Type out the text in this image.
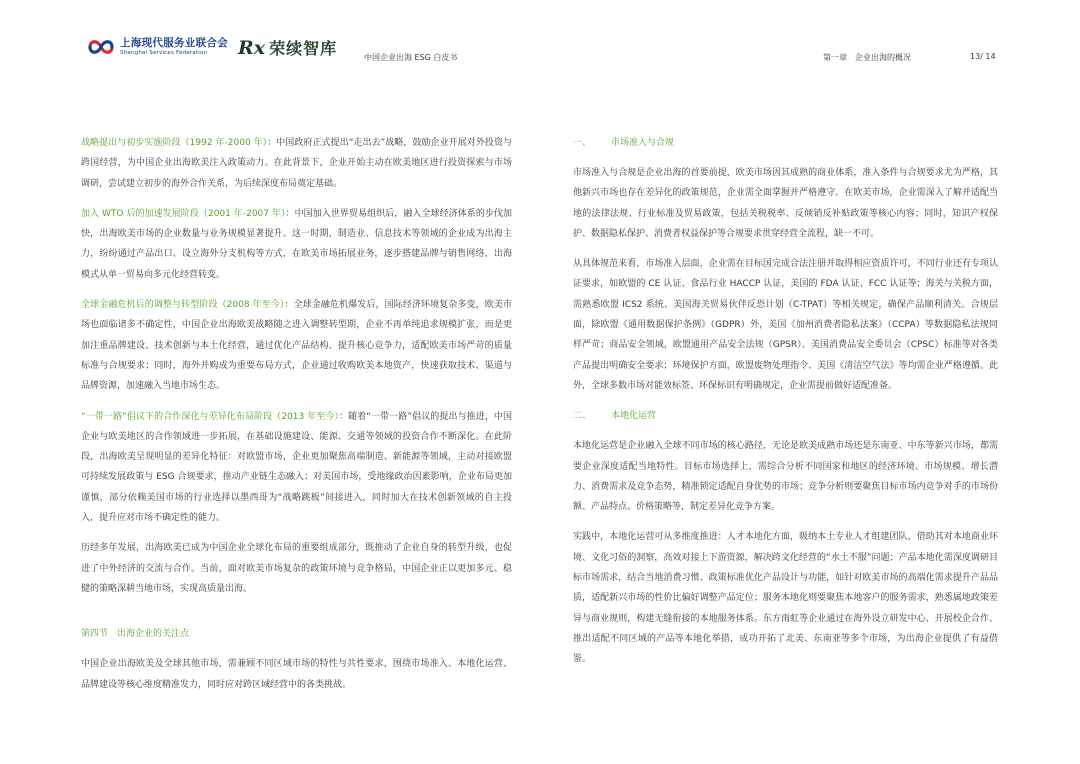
上海现代服务业联合会
Shanghai Services Federation	Rx 荣续智库	中国企业出海 ESG 白皮书	第一章　企业出海的概况	13/ 14

战略提出与初步实施阶段（1992 年-2000 年）：中国政府正式提出“走出去”战略，鼓励企业开展对外投资与跨国经营，为中国企业出海欧美注入政策动力。在此背景下，企业开始主动在欧美地区进行投资探索与市场调研，尝试建立初步的海外合作关系，为后续深度布局奠定基础。

加入 WTO 后的加速发展阶段（2001 年-2007 年）：中国加入世界贸易组织后，融入全球经济体系的步伐加快，出海欧美市场的企业数量与业务规模显著提升。这一时期，制造业、信息技术等领域的企业成为出海主力，纷纷通过产品出口、设立海外分支机构等方式，在欧美市场拓展业务，逐步搭建品牌与销售网络，出海模式从单一贸易向多元化经营转变。

全球金融危机后的调整与转型阶段（2008 年至今）：全球金融危机爆发后，国际经济环境复杂多变，欧美市场也面临诸多不确定性，中国企业出海欧美战略随之进入调整转型期，企业不再单纯追求规模扩张，而是更加注重品牌建设、技术创新与本土化经营，通过优化产品结构、提升核心竞争力，适配欧美市场严苛的质量标准与合规要求；同时，海外并购成为重要布局方式，企业通过收购欧美本地资产，快速获取技术、渠道与品牌资源，加速融入当地市场生态。

“一带一路”倡议下的合作深化与差异化布局阶段（2013 年至今）：随着“一带一路”倡议的提出与推进，中国企业与欧美地区的合作领域进一步拓展，在基础设施建设、能源、交通等领域的投资合作不断深化。在此阶段，出海欧美呈现明显的差异化特征：对欧盟市场，企业更加聚焦高端制造、新能源等领域，主动对接欧盟可持续发展政策与 ESG 合规要求，推动产业链生态融入；对美国市场，受地缘政治因素影响，企业布局更加谨慎，部分依赖美国市场的行业选择以墨西哥为“战略跳板”间接进入，同时加大在技术创新领域的自主投入，提升应对市场不确定性的能力。

历经多年发展，出海欧美已成为中国企业全球化布局的重要组成部分，既推动了企业自身的转型升级，也促进了中外经济的交流与合作。当前，面对欧美市场复杂的政策环境与竞争格局，中国企业正以更加多元、稳健的策略深耕当地市场，实现高质量出海。

第四节　出海企业的关注点

中国企业出海欧美及全球其他市场，需兼顾不同区域市场的特性与共性要求，围绕市场准入、本地化运营、品牌建设等核心维度精准发力，同时应对跨区域经营中的各类挑战。

一、 市场准入与合规

市场准入与合规是企业出海的首要前提，欧美市场因其成熟的商业体系，准入条件与合规要求尤为严格，其他新兴市场也存在差异化的政策规范，企业需全面掌握并严格遵守。在欧美市场，企业需深入了解并适配当地的法律法规、行业标准及贸易政策，包括关税税率、反倾销反补贴政策等核心内容；同时，知识产权保护、数据隐私保护、消费者权益保护等合规要求贯穿经营全流程，缺一不可。

从具体规范来看，市场准入层面，企业需在目标国完成合法注册并取得相应资质许可，不同行业还有专项认证要求，如欧盟的 CE 认证、食品行业 HACCP 认证，美国的 FDA 认证、FCC 认证等；海关与关税方面，需熟悉欧盟 ICS2 系统、美国海关贸易伙伴反恐计划（C-TPAT）等相关规定，确保产品顺利清关。合规层面，除欧盟《通用数据保护条例》（GDPR）外，美国《加州消费者隐私法案》（CCPA）等数据隐私法规同样严苛；商品安全领域，欧盟通用产品安全法规（GPSR）、美国消费品安全委员会（CPSC）标准等对各类产品提出明确安全要求；环境保护方面，欧盟废物处理指令、美国《清洁空气法》等均需企业严格遵循。此外，全球多数市场对能效标签、环保标识有明确规定，企业需提前做好适配准备。

二、 本地化运营

本地化运营是企业融入全球不同市场的核心路径，无论是欧美成熟市场还是东南亚、中东等新兴市场，都需要企业深度适配当地特性。目标市场选择上，需综合分析不同国家和地区的经济环境、市场规模、增长潜力、消费需求及竞争态势，精准锁定适配自身优势的市场；竞争分析则要聚焦目标市场内竞争对手的市场份额、产品特点、价格策略等，制定差异化竞争方案。

实践中，本地化运营可从多维度推进：人才本地化方面，吸纳本土专业人才组建团队，借助其对本地商业环境、文化习俗的洞察，高效对接上下游资源，解决跨文化经营的“水土不服”问题；产品本地化需深度调研目标市场需求，结合当地消费习惯、政策标准优化产品设计与功能，如针对欧美市场的高端化需求提升产品品质，适配新兴市场的性价比偏好调整产品定位；服务本地化则要聚焦本地客户的服务需求，熟悉属地政策差异与商业规则，构建无缝衔接的本地服务体系。东方雨虹等企业通过在海外设立研发中心、开展校企合作、推出适配不同区域的产品等本地化举措，成功开拓了北美、东南亚等多个市场，为出海企业提供了有益借鉴。
